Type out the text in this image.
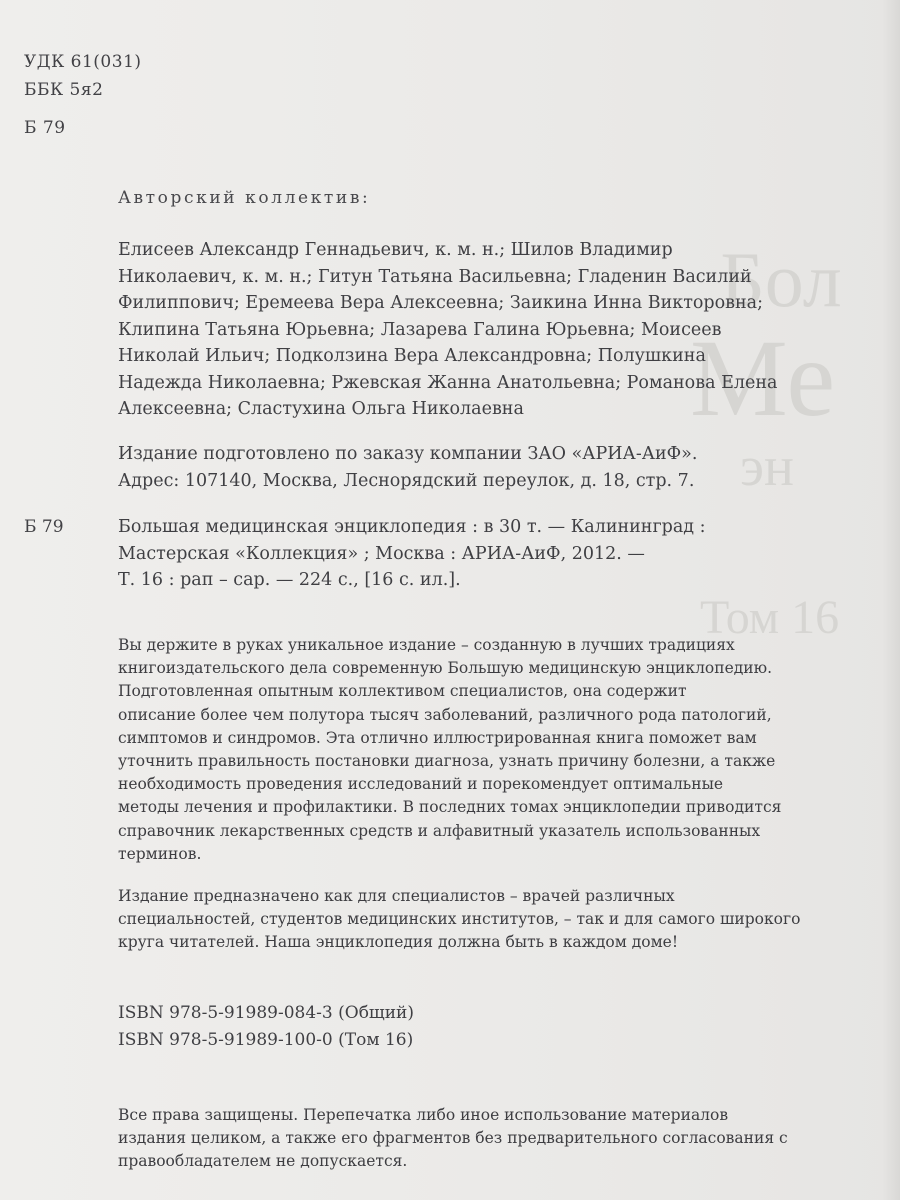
Бол
Ме
эн
Том 16
УДК 61(031)
ББК 5я2
Б 79
Авторский коллектив:
Елисеев Александр Геннадьевич, к. м. н.; Шилов Владимир
Николаевич, к. м. н.; Гитун Татьяна Васильевна; Гладенин Василий
Филиппович; Еремеева Вера Алексеевна; Заикина Инна Викторовна;
Клипина Татьяна Юрьевна; Лазарева Галина Юрьевна; Моисеев
Николай Ильич; Подколзина Вера Александровна; Полушкина
Надежда Николаевна; Ржевская Жанна Анатольевна; Романова Елена
Алексеевна; Сластухина Ольга Николаевна
Издание подготовлено по заказу компании ЗАО «АРИА-АиФ».
Адрес: 107140, Москва, Леснорядский переулок, д. 18, стр. 7.
Б 79	Большая медицинская энциклопедия : в 30 т. — Калининград :
Мастерская «Коллекция» ; Москва : АРИА-АиФ, 2012. —
Т. 16 : рап – сар. — 224 с., [16 с. ил.].
Вы держите в руках уникальное издание – созданную в лучших традициях
книгоиздательского дела современную Большую медицинскую энциклопедию.
Подготовленная опытным коллективом специалистов, она содержит
описание более чем полутора тысяч заболеваний, различного рода патологий,
симптомов и синдромов. Эта отлично иллюстрированная книга поможет вам
уточнить правильность постановки диагноза, узнать причину болезни, а также
необходимость проведения исследований и порекомендует оптимальные
методы лечения и профилактики. В последних томах энциклопедии приводится
справочник лекарственных средств и алфавитный указатель использованных
терминов.
Издание предназначено как для специалистов – врачей различных
специальностей, студентов медицинских институтов, – так и для самого широкого
круга читателей. Наша энциклопедия должна быть в каждом доме!
ISBN 978-5-91989-084-3 (Общий)
ISBN 978-5-91989-100-0 (Том 16)
Все права защищены. Перепечатка либо иное использование материалов
издания целиком, а также его фрагментов без предварительного согласования с
правообладателем не допускается.
